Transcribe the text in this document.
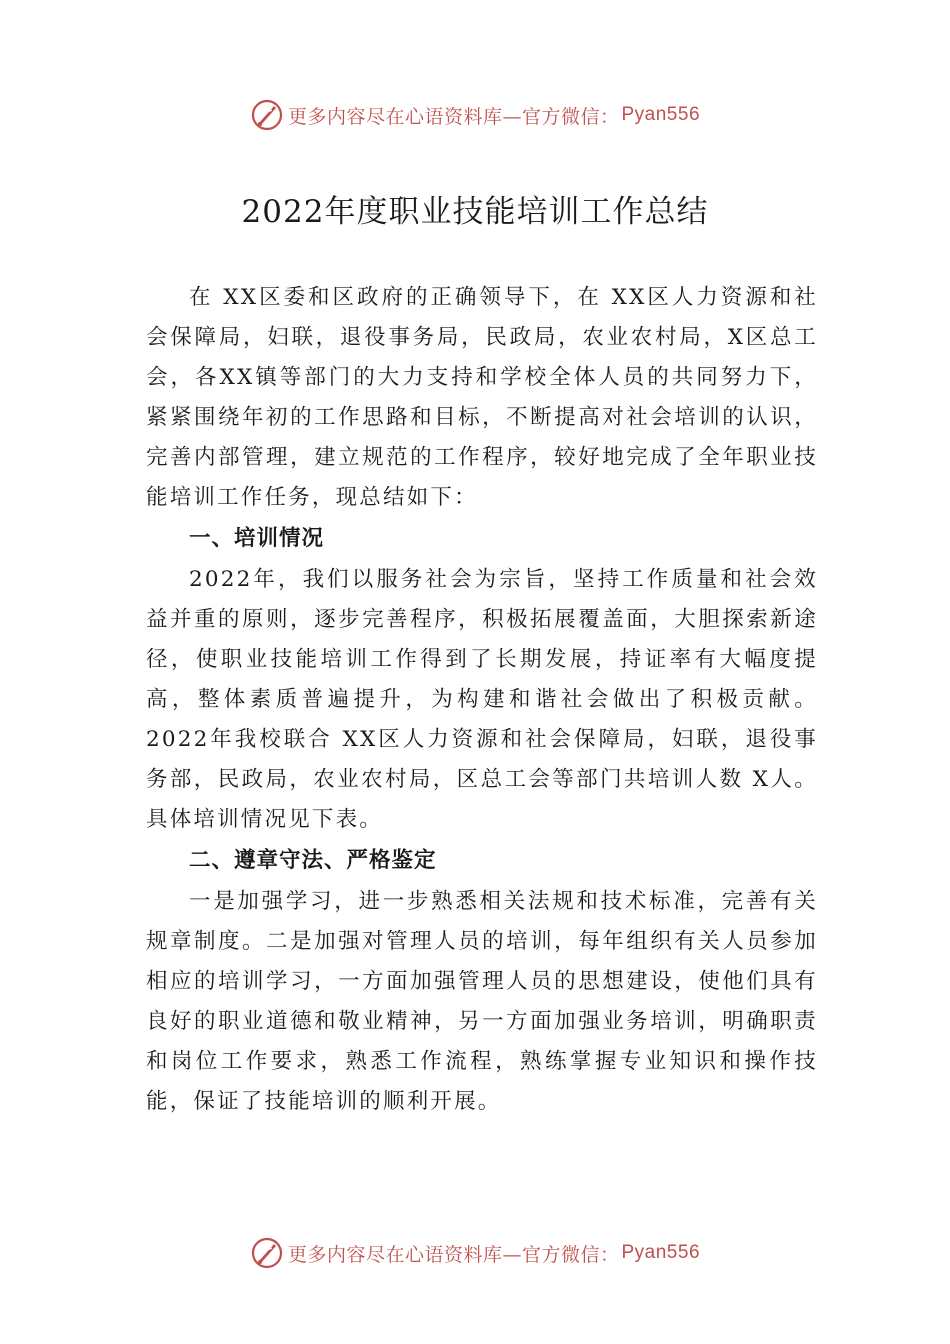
更多内容尽在心语资料库—官方微信： Pyan556
2022年度职业技能培训工作总结

在 XX区委和区政府的正确领导下，在 XX区人力资源和社会保障局，妇联，退役事务局，民政局，农业农村局，X区总工会，各XX镇等部门的大力支持和学校全体人员的共同努力下，紧紧围绕年初的工作思路和目标，不断提高对社会培训的认识，完善内部管理，建立规范的工作程序，较好地完成了全年职业技能培训工作任务，现总结如下：

一、培训情况

2022年，我们以服务社会为宗旨，坚持工作质量和社会效益并重的原则，逐步完善程序，积极拓展覆盖面，大胆探索新途径，使职业技能培训工作得到了长期发展，持证率有大幅度提高，整体素质普遍提升，为构建和谐社会做出了积极贡献。2022年我校联合 XX区人力资源和社会保障局，妇联，退役事务部，民政局，农业农村局，区总工会等部门共培训人数 X人。具体培训情况见下表。

二、遵章守法、严格鉴定

一是加强学习，进一步熟悉相关法规和技术标准，完善有关规章制度。二是加强对管理人员的培训，每年组织有关人员参加相应的培训学习，一方面加强管理人员的思想建设，使他们具有良好的职业道德和敬业精神，另一方面加强业务培训，明确职责和岗位工作要求，熟悉工作流程，熟练掌握专业知识和操作技能，保证了技能培训的顺利开展。

更多内容尽在心语资料库—官方微信： Pyan556
